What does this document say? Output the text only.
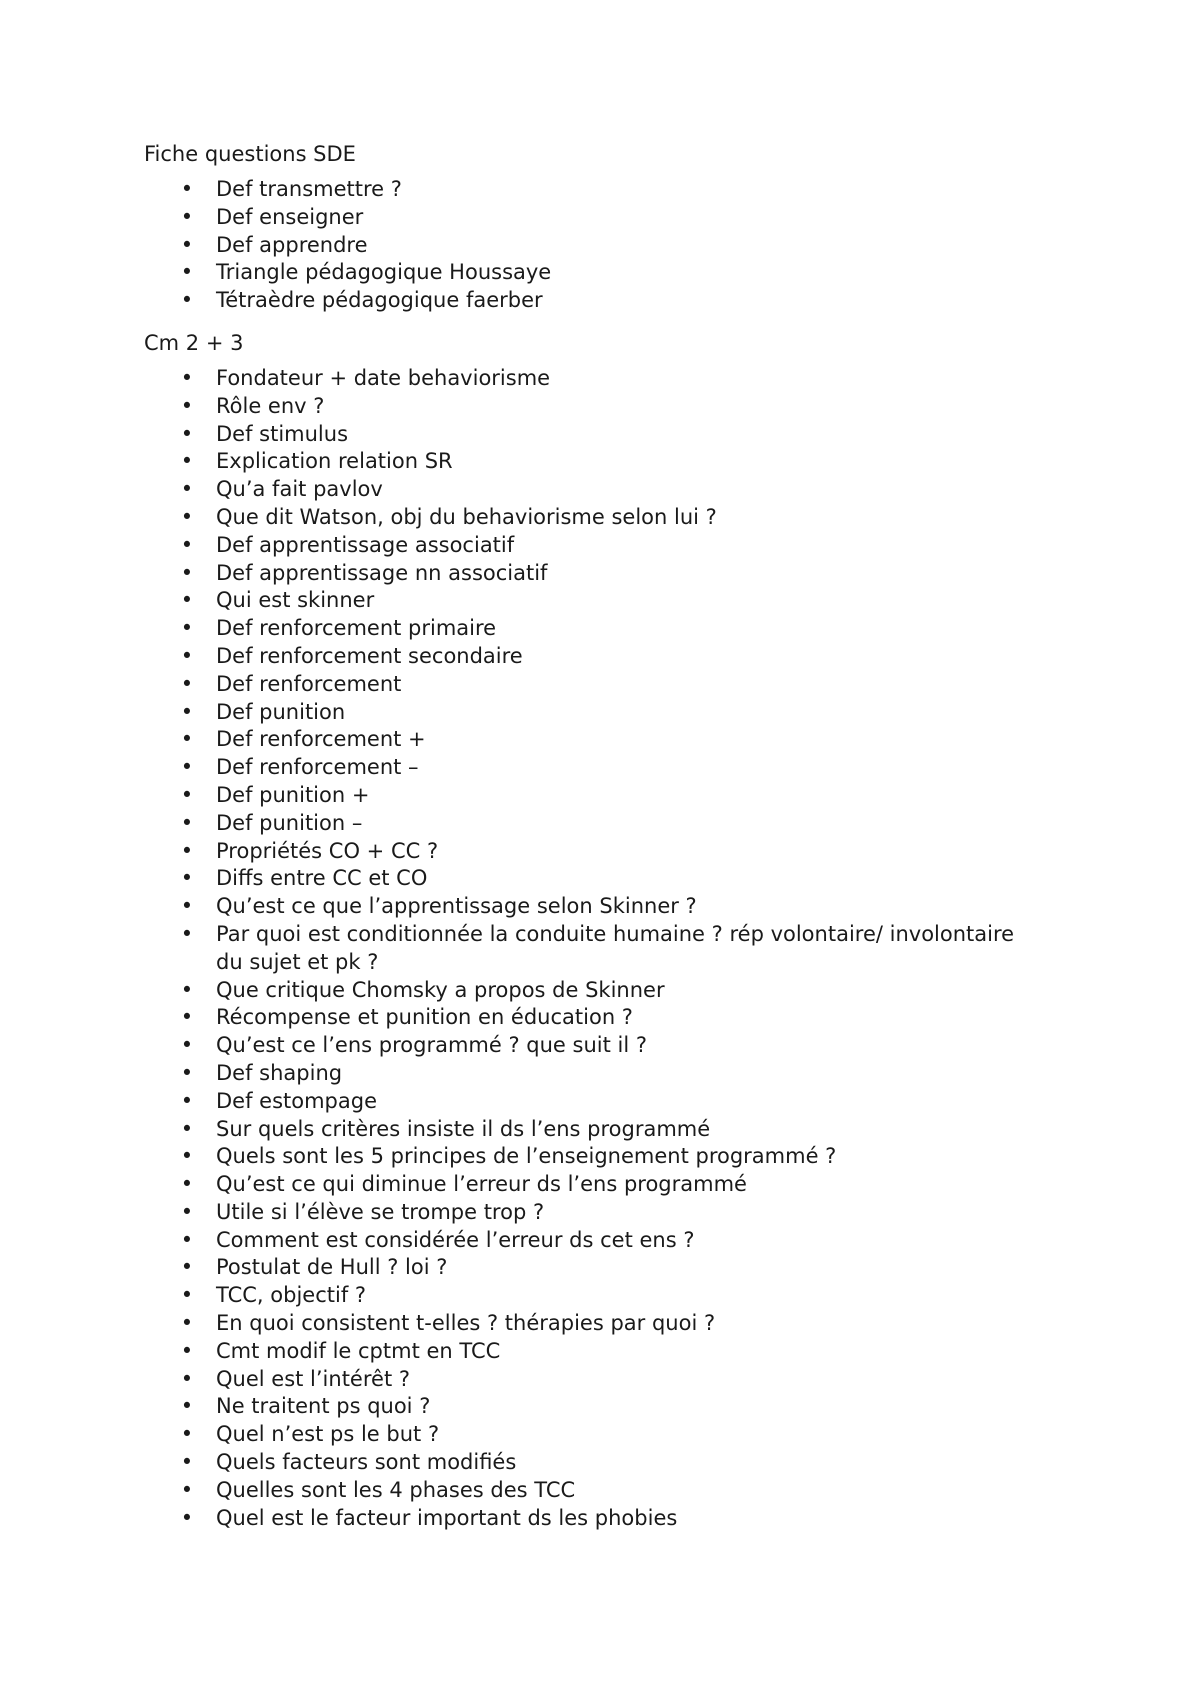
Fiche questions SDE

•
Def transmettre ?
•
Def enseigner
•
Def apprendre
•
Triangle pédagogique Houssaye
•
Tétraèdre pédagogique faerber

Cm 2 + 3

•
Fondateur + date behaviorisme
•
Rôle env ?
•
Def stimulus
•
Explication relation SR
•
Qu’a fait pavlov
•
Que dit Watson, obj du behaviorisme selon lui ?
•
Def apprentissage associatif
•
Def apprentissage nn associatif
•
Qui est skinner
•
Def renforcement primaire
•
Def renforcement secondaire
•
Def renforcement
•
Def punition
•
Def renforcement +
•
Def renforcement –
•
Def punition +
•
Def punition –
•
Propriétés CO + CC ?
•
Diffs entre CC et CO
•
Qu’est ce que l’apprentissage selon Skinner ?
•
Par quoi est conditionnée la conduite humaine ? rép volontaire/ involontaire du sujet et pk ?
•
Que critique Chomsky a propos de Skinner
•
Récompense et punition en éducation ?
•
Qu’est ce l’ens programmé ? que suit il ?
•
Def shaping
•
Def estompage
•
Sur quels critères insiste il ds l’ens programmé
•
Quels sont les 5 principes de l’enseignement programmé ?
•
Qu’est ce qui diminue l’erreur ds l’ens programmé
•
Utile si l’élève se trompe trop ?
•
Comment est considérée l’erreur ds cet ens ?
•
Postulat de Hull ? loi ?
•
TCC, objectif ?
•
En quoi consistent t-elles ? thérapies par quoi ?
•
Cmt modif le cptmt en TCC
•
Quel est l’intérêt ?
•
Ne traitent ps quoi ?
•
Quel n’est ps le but ?
•
Quels facteurs sont modifiés
•
Quelles sont les 4 phases des TCC
•
Quel est le facteur important ds les phobies
